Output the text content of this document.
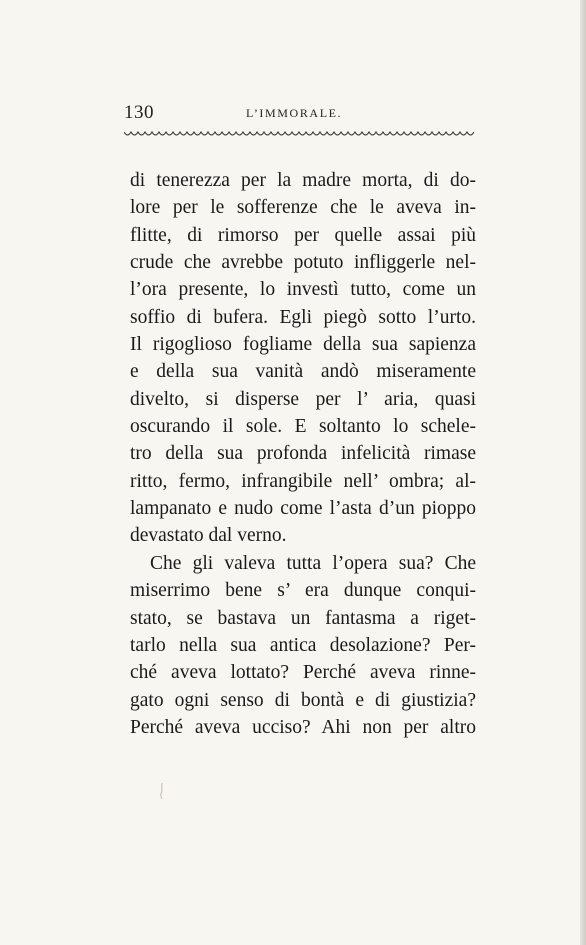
130	L’IMMORALE.
di tenerezza per la madre morta, di do-
lore per le sofferenze che le aveva in-
flitte, di rimorso per quelle assai più
crude che avrebbe potuto infliggerle nel-
l’ora presente, lo investì tutto, come un
soffio di bufera. Egli piegò sotto l’urto.
Il rigoglioso fogliame della sua sapienza
e della sua vanità andò miseramente
divelto, si disperse per l’ aria, quasi
oscurando il sole. E soltanto lo schele-
tro della sua profonda infelicità rimase
ritto, fermo, infrangibile nell’ ombra; al-
lampanato e nudo come l’asta d’un pioppo
devastato dal verno.
Che gli valeva tutta l’opera sua? Che
miserrimo bene s’ era dunque conqui-
stato, se bastava un fantasma a riget-
tarlo nella sua antica desolazione? Per-
ché aveva lottato? Perché aveva rinne-
gato ogni senso di bontà e di giustizia?
Perché aveva ucciso? Ahi non per altro
